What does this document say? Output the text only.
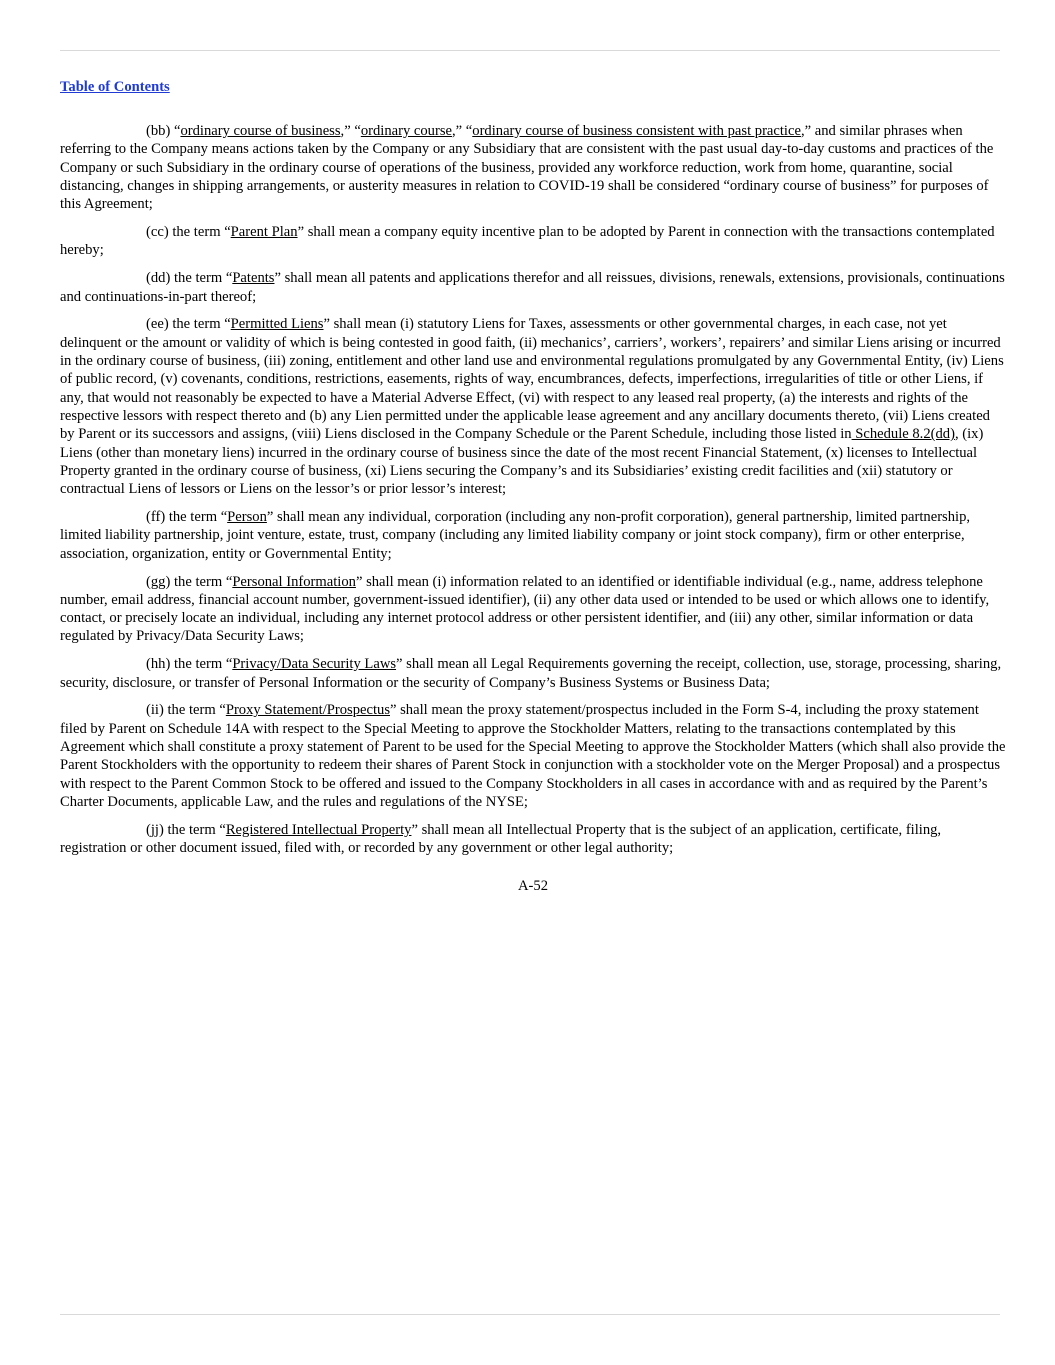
Table of Contents

(bb) “ordinary course of business,” “ordinary course,” “ordinary course of business consistent with past practice,” and similar phrases when referring to the Company means actions taken by the Company or any Subsidiary that are consistent with the past usual day-to-day customs and practices of the Company or such Subsidiary in the ordinary course of operations of the business, provided any workforce reduction, work from home, quarantine, social distancing, changes in shipping arrangements, or austerity measures in relation to COVID-19 shall be considered “ordinary course of business” for purposes of this Agreement;

(cc) the term “Parent Plan” shall mean a company equity incentive plan to be adopted by Parent in connection with the transactions contemplated hereby;

(dd) the term “Patents” shall mean all patents and applications therefor and all reissues, divisions, renewals, extensions, provisionals, continuations and continuations-in-part thereof;

(ee) the term “Permitted Liens” shall mean (i) statutory Liens for Taxes, assessments or other governmental charges, in each case, not yet delinquent or the amount or validity of which is being contested in good faith, (ii) mechanics’, carriers’, workers’, repairers’ and similar Liens arising or incurred in the ordinary course of business, (iii) zoning, entitlement and other land use and environmental regulations promulgated by any Governmental Entity, (iv) Liens of public record, (v) covenants, conditions, restrictions, easements, rights of way, encumbrances, defects, imperfections, irregularities of title or other Liens, if any, that would not reasonably be expected to have a Material Adverse Effect, (vi) with respect to any leased real property, (a) the interests and rights of the respective lessors with respect thereto and (b) any Lien permitted under the applicable lease agreement and any ancillary documents thereto, (vii) Liens created by Parent or its successors and assigns, (viii) Liens disclosed in the Company Schedule or the Parent Schedule, including those listed in Schedule 8.2(dd), (ix) Liens (other than monetary liens) incurred in the ordinary course of business since the date of the most recent Financial Statement, (x) licenses to Intellectual Property granted in the ordinary course of business, (xi) Liens securing the Company’s and its Subsidiaries’ existing credit facilities and (xii) statutory or contractual Liens of lessors or Liens on the lessor’s or prior lessor’s interest;

(ff) the term “Person” shall mean any individual, corporation (including any non-profit corporation), general partnership, limited partnership, limited liability partnership, joint venture, estate, trust, company (including any limited liability company or joint stock company), firm or other enterprise, association, organization, entity or Governmental Entity;

(gg) the term “Personal Information” shall mean (i) information related to an identified or identifiable individual (e.g., name, address telephone number, email address, financial account number, government-issued identifier), (ii) any other data used or intended to be used or which allows one to identify, contact, or precisely locate an individual, including any internet protocol address or other persistent identifier, and (iii) any other, similar information or data regulated by Privacy/Data Security Laws;

(hh) the term “Privacy/Data Security Laws” shall mean all Legal Requirements governing the receipt, collection, use, storage, processing, sharing, security, disclosure, or transfer of Personal Information or the security of Company’s Business Systems or Business Data;

(ii) the term “Proxy Statement/Prospectus” shall mean the proxy statement/prospectus included in the Form S-4, including the proxy statement filed by Parent on Schedule 14A with respect to the Special Meeting to approve the Stockholder Matters, relating to the transactions contemplated by this Agreement which shall constitute a proxy statement of Parent to be used for the Special Meeting to approve the Stockholder Matters (which shall also provide the Parent Stockholders with the opportunity to redeem their shares of Parent Stock in conjunction with a stockholder vote on the Merger Proposal) and a prospectus with respect to the Parent Common Stock to be offered and issued to the Company Stockholders in all cases in accordance with and as required by the Parent’s Charter Documents, applicable Law, and the rules and regulations of the NYSE;

(jj) the term “Registered Intellectual Property” shall mean all Intellectual Property that is the subject of an application, certificate, filing, registration or other document issued, filed with, or recorded by any government or other legal authority;

A-52
